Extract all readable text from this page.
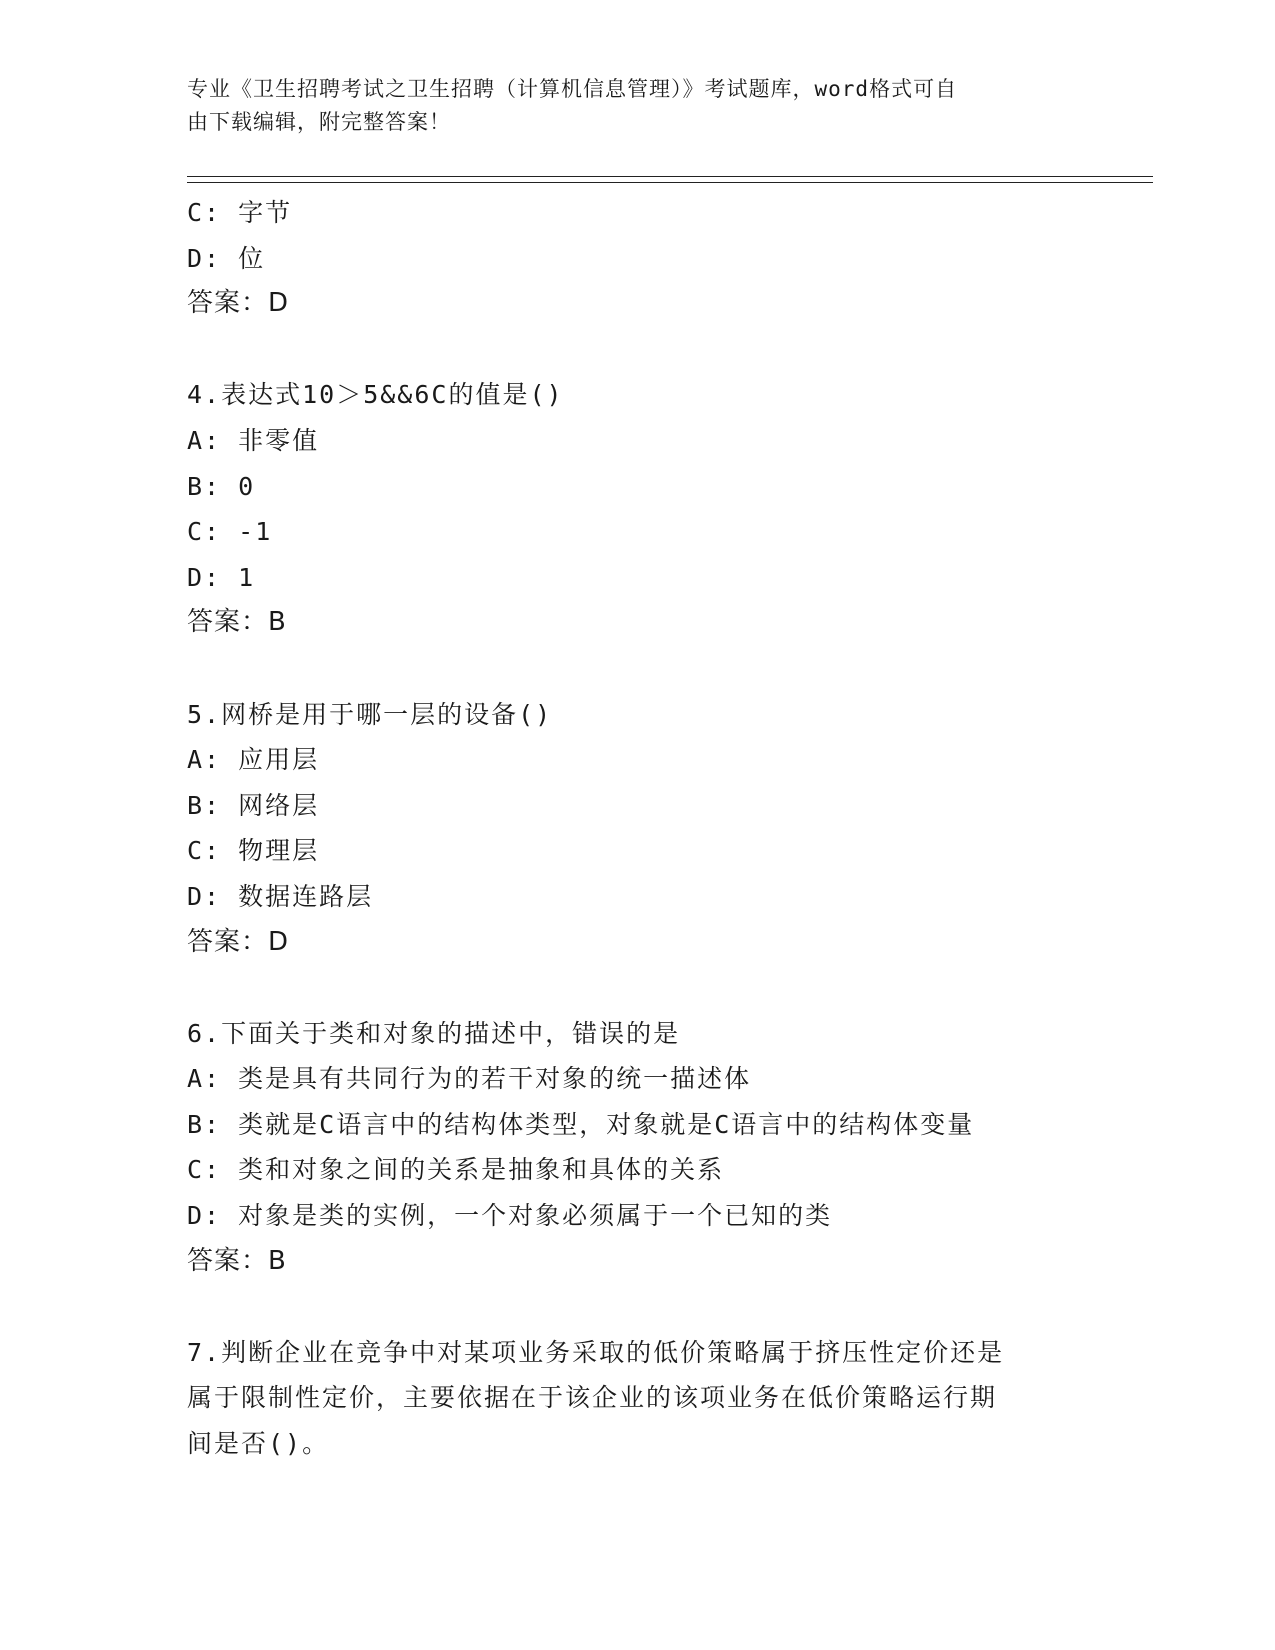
专业《卫生招聘考试之卫生招聘（计算机信息管理）》考试题库，word格式可自

由下载编辑，附完整答案！

C: 字节
D: 位
答案：D
4.表达式10＞5&&6C的值是()
A: 非零值
B: 0
C: -1
D: 1
答案：B
5.网桥是用于哪一层的设备()
A: 应用层
B: 网络层
C: 物理层
D: 数据连路层
答案：D
6.下面关于类和对象的描述中，错误的是
A: 类是具有共同行为的若干对象的统一描述体
B: 类就是C语言中的结构体类型，对象就是C语言中的结构体变量
C: 类和对象之间的关系是抽象和具体的关系
D: 对象是类的实例，一个对象必须属于一个已知的类
答案：B

7.判断企业在竞争中对某项业务采取的低价策略属于挤压性定价还是

属于限制性定价，主要依据在于该企业的该项业务在低价策略运行期

间是否()。
